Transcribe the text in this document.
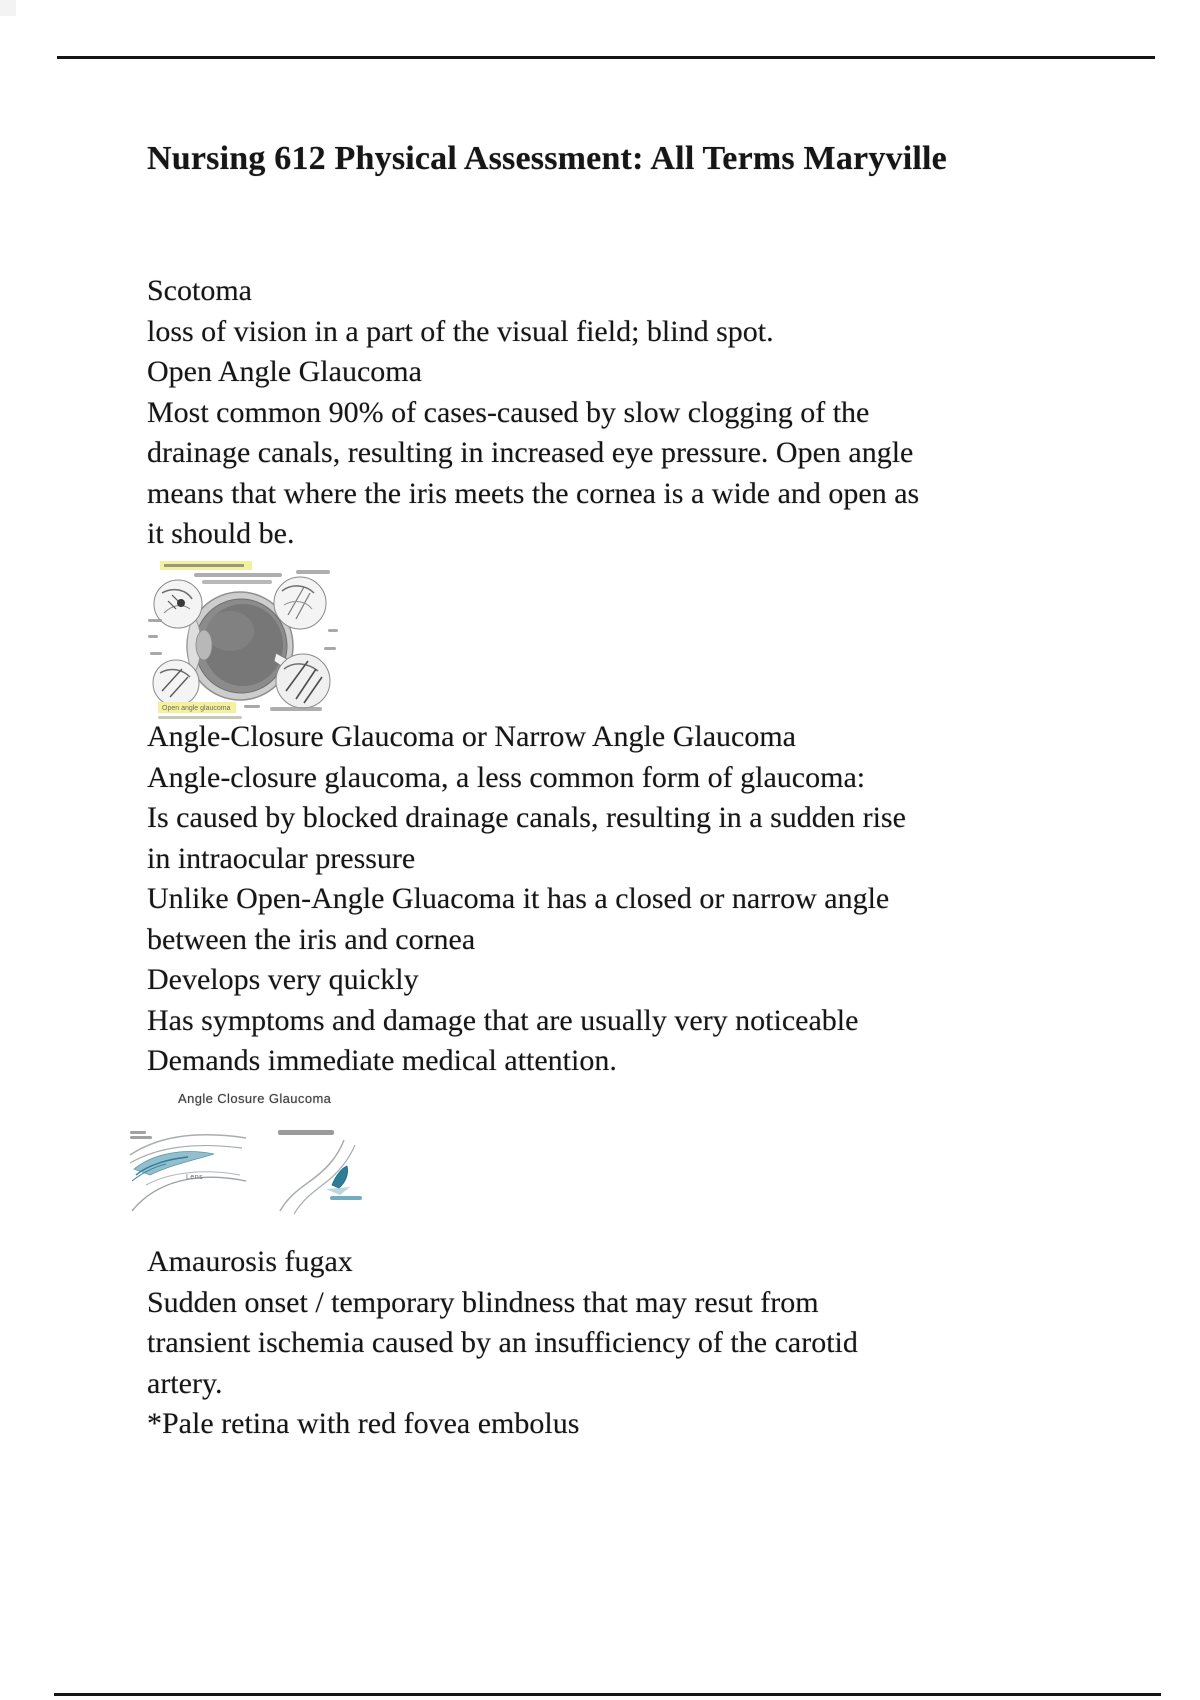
Nursing 612 Physical Assessment: All Terms Maryville
Scotoma
loss of vision in a part of the visual field; blind spot.
Open Angle Glaucoma
Most common 90% of cases-caused by slow clogging of the
drainage canals, resulting in increased eye pressure. Open angle
means that where the iris meets the cornea is a wide and open as
it should be.
Open angle glaucoma
Angle-Closure Glaucoma or Narrow Angle Glaucoma
Angle-closure glaucoma, a less common form of glaucoma:
Is caused by blocked drainage canals, resulting in a sudden rise
in intraocular pressure
Unlike Open-Angle Gluacoma it has a closed or narrow angle
between the iris and cornea
Develops very quickly
Has symptoms and damage that are usually very noticeable
Demands immediate medical attention.
Angle Closure Glaucoma
Lens
Amaurosis fugax
Sudden onset / temporary blindness that may resut from
transient ischemia caused by an insufficiency of the carotid
artery.
*Pale retina with red fovea embolus
